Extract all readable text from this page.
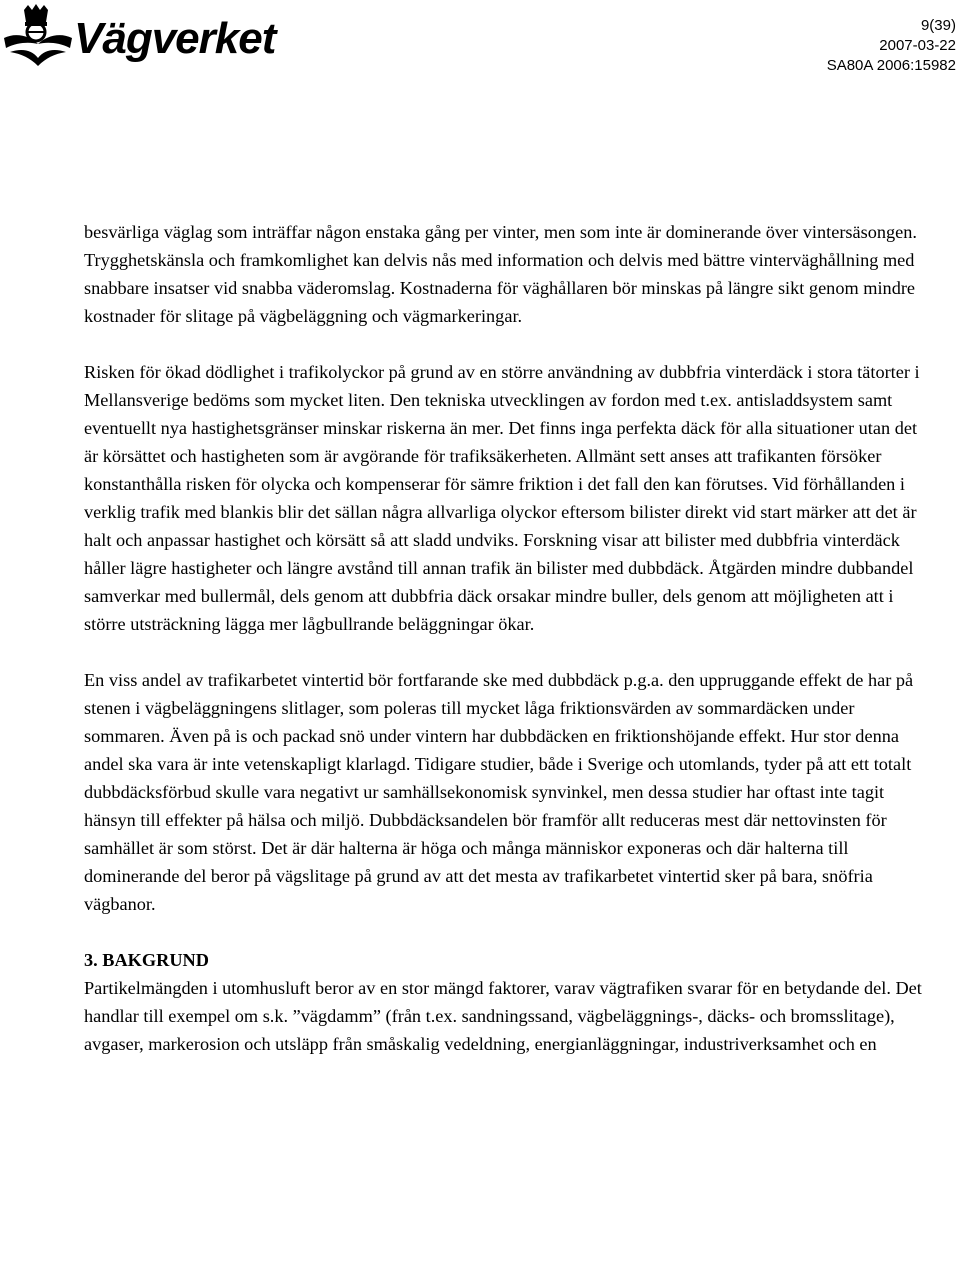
Vägverket	9(39)
2007-03-22
SA80A 2006:15982

besvärliga väglag som inträffar någon enstaka gång per vinter, men som inte är dominerande över vintersäsongen. Trygghetskänsla och framkomlighet kan delvis nås med information och delvis med bättre vinterväghållning med snabbare insatser vid snabba väderomslag. Kostnaderna för väghållaren bör minskas på längre sikt genom mindre kostnader för slitage på vägbeläggning och vägmarkeringar.

Risken för ökad dödlighet i trafikolyckor på grund av en större användning av dubbfria vinterdäck i stora tätorter i Mellansverige bedöms som mycket liten. Den tekniska utvecklingen av fordon med t.ex. antisladdsystem samt eventuellt nya hastighetsgränser minskar riskerna än mer. Det finns inga perfekta däck för alla situationer utan det är körsättet och hastigheten som är avgörande för trafiksäkerheten. Allmänt sett anses att trafikanten försöker konstanthålla risken för olycka och kompenserar för sämre friktion i det fall den kan förutses. Vid förhållanden i verklig trafik med blankis blir det sällan några allvarliga olyckor eftersom bilister direkt vid start märker att det är halt och anpassar hastighet och körsätt så att sladd undviks. Forskning visar att bilister med dubbfria vinterdäck håller lägre hastigheter och längre avstånd till annan trafik än bilister med dubbdäck. Åtgärden mindre dubbandel samverkar med bullermål, dels genom att dubbfria däck orsakar mindre buller, dels genom att möjligheten att i större utsträckning lägga mer lågbullrande beläggningar ökar.

En viss andel av trafikarbetet vintertid bör fortfarande ske med dubbdäck p.g.a. den uppruggande effekt de har på stenen i vägbeläggningens slitlager, som poleras till mycket låga friktionsvärden av sommardäcken under sommaren. Även på is och packad snö under vintern har dubbdäcken en friktionshöjande effekt. Hur stor denna andel ska vara är inte vetenskapligt klarlagd. Tidigare studier, både i Sverige och utomlands, tyder på att ett totalt dubbdäcksförbud skulle vara negativt ur samhällsekonomisk synvinkel, men dessa studier har oftast inte tagit hänsyn till effekter på hälsa och miljö. Dubbdäcksandelen bör framför allt reduceras mest där nettovinsten för samhället är som störst. Det är där halterna är höga och många människor exponeras och där halterna till dominerande del beror på vägslitage på grund av att det mesta av trafikarbetet vintertid sker på bara, snöfria vägbanor.

3. BAKGRUND

Partikelmängden i utomhusluft beror av en stor mängd faktorer, varav vägtrafiken svarar för en betydande del. Det handlar till exempel om s.k. ”vägdamm” (från t.ex. sandningssand, vägbeläggnings-, däcks- och bromsslitage), avgaser, markerosion och utsläpp från småskalig vedeldning, energianläggningar, industriverksamhet och en
